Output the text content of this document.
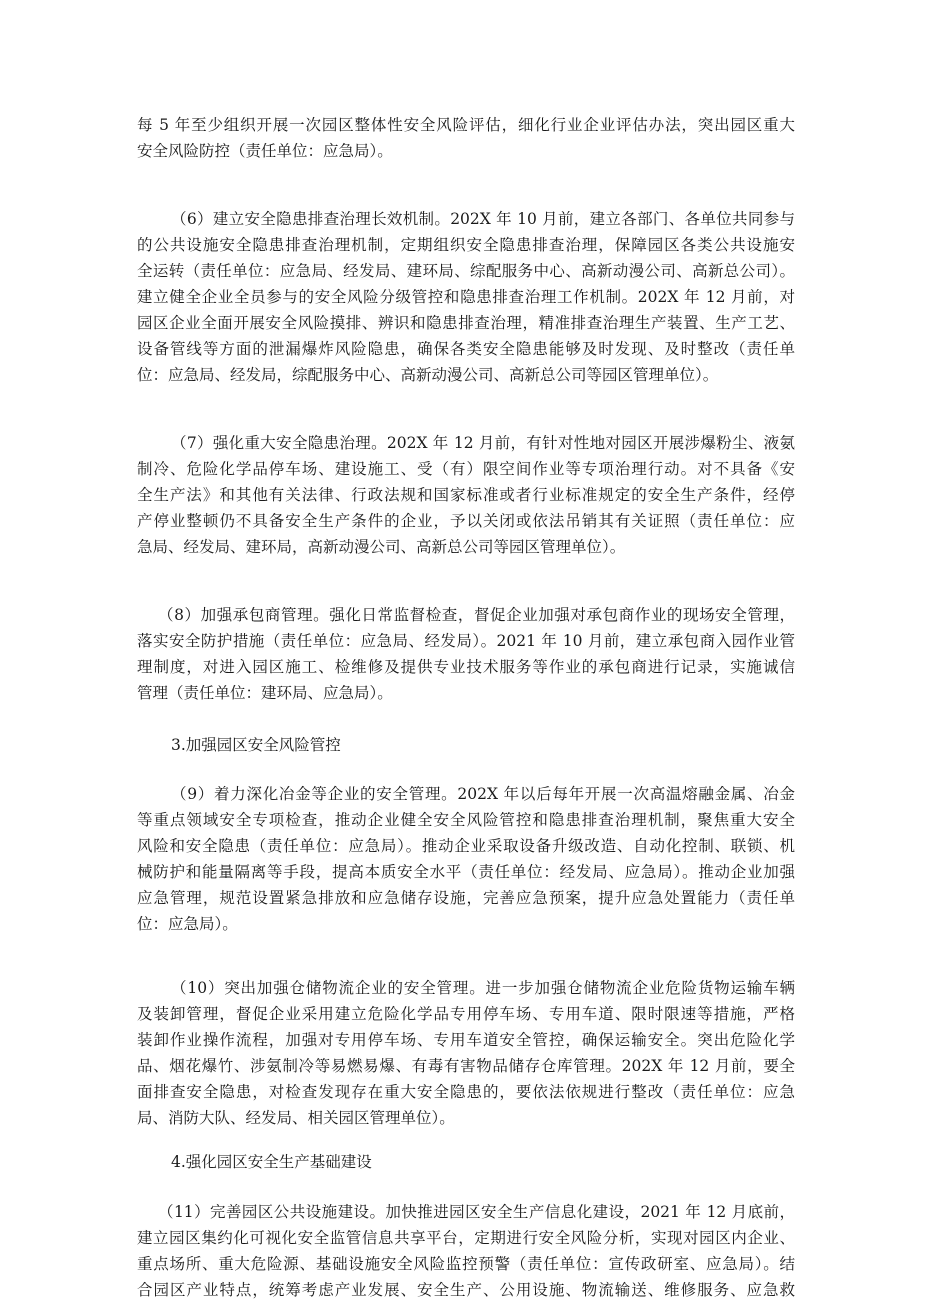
每 5 年至少组织开展一次园区整体性安全风险评估，细化行业企业评估办法，突出园区重大
安全风险防控（责任单位：应急局）。
（6）建立安全隐患排查治理长效机制。202X 年 10 月前，建立各部门、各单位共同参与
的公共设施安全隐患排查治理机制，定期组织安全隐患排查治理，保障园区各类公共设施安
全运转（责任单位：应急局、经发局、建环局、综配服务中心、高新动漫公司、高新总公司）。
建立健全企业全员参与的安全风险分级管控和隐患排查治理工作机制。202X 年 12 月前，对
园区企业全面开展安全风险摸排、辨识和隐患排查治理，精准排查治理生产装置、生产工艺、
设备管线等方面的泄漏爆炸风险隐患，确保各类安全隐患能够及时发现、及时整改（责任单
位：应急局、经发局，综配服务中心、高新动漫公司、高新总公司等园区管理单位）。
（7）强化重大安全隐患治理。202X 年 12 月前，有针对性地对园区开展涉爆粉尘、液氨
制冷、危险化学品停车场、建设施工、受（有）限空间作业等专项治理行动。对不具备《安
全生产法》和其他有关法律、行政法规和国家标准或者行业标准规定的安全生产条件，经停
产停业整顿仍不具备安全生产条件的企业，予以关闭或依法吊销其有关证照（责任单位：应
急局、经发局、建环局，高新动漫公司、高新总公司等园区管理单位）。
（8）加强承包商管理。强化日常监督检查，督促企业加强对承包商作业的现场安全管理，
落实安全防护措施（责任单位：应急局、经发局）。2021 年 10 月前，建立承包商入园作业管
理制度，对进入园区施工、检维修及提供专业技术服务等作业的承包商进行记录，实施诚信
管理（责任单位：建环局、应急局）。
3.加强园区安全风险管控
（9）着力深化冶金等企业的安全管理。202X 年以后每年开展一次高温熔融金属、冶金
等重点领域安全专项检查，推动企业健全安全风险管控和隐患排查治理机制，聚焦重大安全
风险和安全隐患（责任单位：应急局）。推动企业采取设备升级改造、自动化控制、联锁、机
械防护和能量隔离等手段，提高本质安全水平（责任单位：经发局、应急局）。推动企业加强
应急管理，规范设置紧急排放和应急储存设施，完善应急预案，提升应急处置能力（责任单
位：应急局）。
（10）突出加强仓储物流企业的安全管理。进一步加强仓储物流企业危险货物运输车辆
及装卸管理，督促企业采用建立危险化学品专用停车场、专用车道、限时限速等措施，严格
装卸作业操作流程，加强对专用停车场、专用车道安全管控，确保运输安全。突出危险化学
品、烟花爆竹、涉氨制冷等易燃易爆、有毒有害物品储存仓库管理。202X 年 12 月前，要全
面排查安全隐患，对检查发现存在重大安全隐患的，要依法依规进行整改（责任单位：应急
局、消防大队、经发局、相关园区管理单位）。
4.强化园区安全生产基础建设
（11）完善园区公共设施建设。加快推进园区安全生产信息化建设，2021 年 12 月底前，
建立园区集约化可视化安全监管信息共享平台，定期进行安全风险分析，实现对园区内企业、
重点场所、重大危险源、基础设施安全风险监控预警（责任单位：宣传政研室、应急局）。结
合园区产业特点，统筹考虑产业发展、安全生产、公用设施、物流输送、维修服务、应急救
